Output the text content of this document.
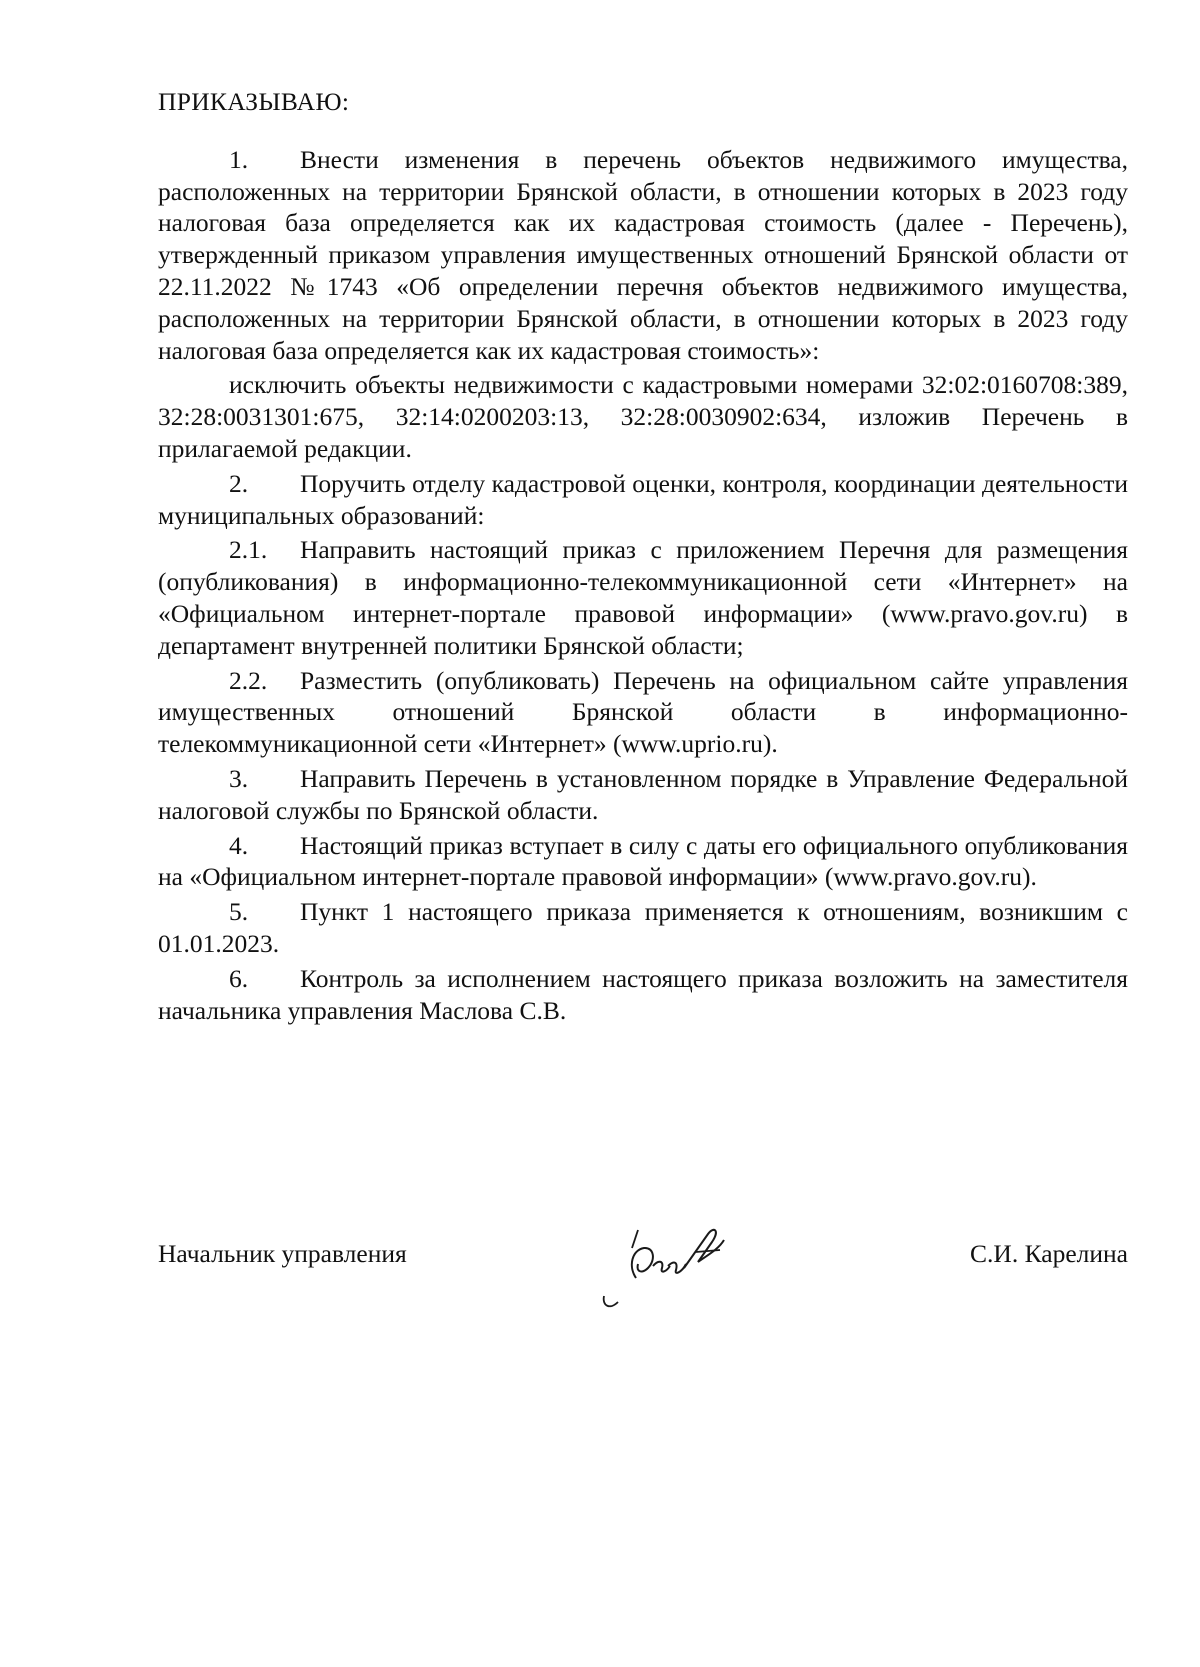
ПРИКАЗЫВАЮ:

1. Внести изменения в перечень объектов недвижимого имущества, расположенных на территории Брянской области, в отношении которых в 2023 году налоговая база определяется как их кадастровая стоимость (далее - Перечень), утвержденный приказом управления имущественных отношений Брянской области от 22.11.2022 №1743 «Об определении перечня объектов недвижимого имущества, расположенных на территории Брянской области, в отношении которых в 2023 году налоговая база определяется как их кадастровая стоимость»:

исключить объекты недвижимости с кадастровыми номерами 32:02:0160708:389, 32:28:0031301:675, 32:14:0200203:13, 32:28:0030902:634, изложив Перечень в прилагаемой редакции.

2. Поручить отделу кадастровой оценки, контроля, координации деятельности муниципальных образований:

2.1. Направить настоящий приказ с приложением Перечня для размещения (опубликования) в информационно-телекоммуникационной сети «Интернет» на «Официальном интернет-портале правовой информации» (www.pravo.gov.ru) в департамент внутренней политики Брянской области;

2.2. Разместить (опубликовать) Перечень на официальном сайте управления имущественных отношений Брянской области в информационно-телекоммуникационной сети «Интернет» (www.uprio.ru).

3. Направить Перечень в установленном порядке в Управление Федеральной налоговой службы по Брянской области.

4. Настоящий приказ вступает в силу с даты его официального опубликования на «Официальном интернет-портале правовой информации» (www.pravo.gov.ru).

5. Пункт 1 настоящего приказа применяется к отношениям, возникшим с 01.01.2023.

6. Контроль за исполнением настоящего приказа возложить на заместителя начальника управления Маслова С.В.

Начальник управления	С.И. Карелина
